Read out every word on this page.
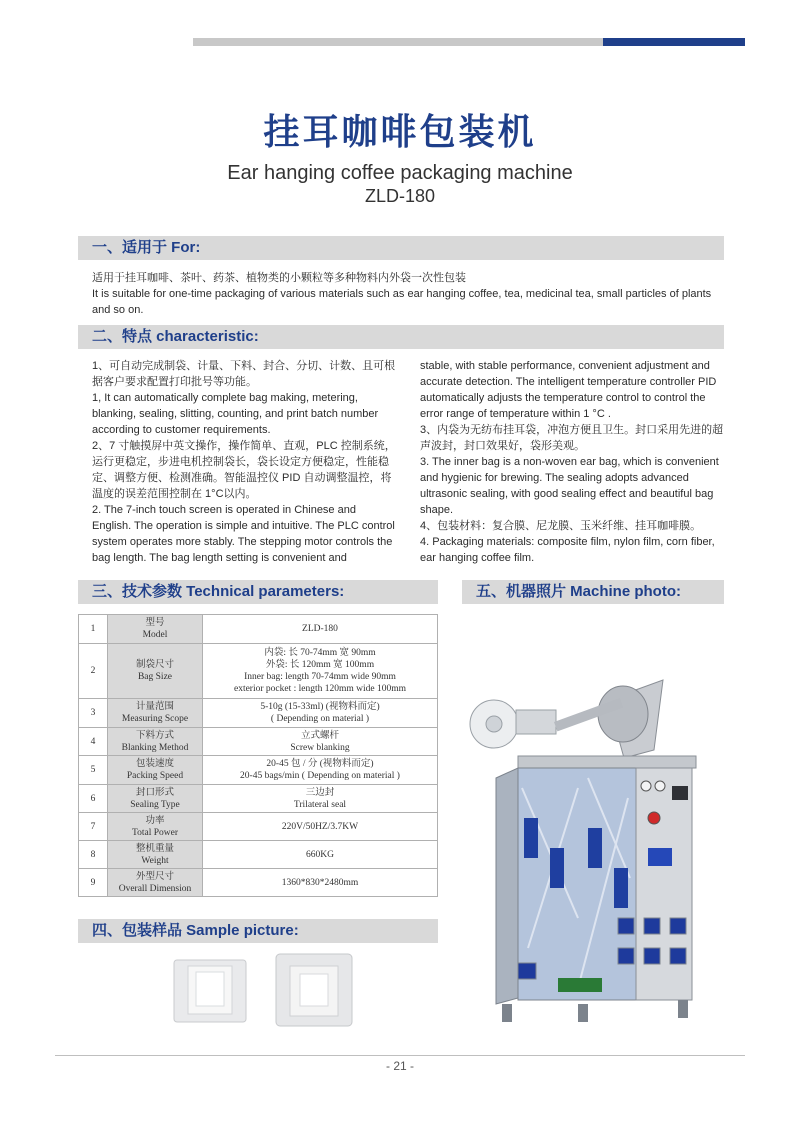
挂耳咖啡包装机
Ear hanging coffee packaging machine
ZLD-180
一、适用于 For:

适用于挂耳咖啡、茶叶、药茶、植物类的小颗粒等多种物料内外袋一次性包装

It is suitable for one-time packaging of various materials such as ear hanging coffee, tea, medicinal tea, small particles of plants and so on.

二、特点 characteristic:

1、可自动完成制袋、计量、下料、封合、分切、计数、且可根据客户要求配置打印批号等功能。

1, It can automatically complete bag making, metering, blanking, sealing, slitting, counting, and print batch number according to customer requirements.

2、7 寸触摸屏中英文操作，操作简单、直观，PLC 控制系统，运行更稳定，步进电机控制袋长，袋长设定方便稳定，性能稳定、调整方便、检测准确。智能温控仪 PID 自动调整温控，将温度的误差范围控制在 1°C以内。

2. The 7-inch touch screen is operated in Chinese and English. The operation is simple and intuitive. The PLC control system operates more stably. The stepping motor controls the bag length. The bag length setting is convenient and

stable, with stable performance, convenient adjustment and accurate detection. The intelligent temperature controller PID automatically adjusts the temperature control to control the error range of temperature within 1 °C .

3、内袋为无纺布挂耳袋，冲泡方便且卫生。封口采用先进的超声波封，封口效果好，袋形美观。

3. The inner bag is a non-woven ear bag, which is convenient and hygienic for brewing. The sealing adopts advanced ultrasonic sealing, with good sealing effect and beautiful bag shape.

4、包装材料：复合膜、尼龙膜、玉米纤维、挂耳咖啡膜。

4. Packaging materials: composite film, nylon film, corn fiber, ear hanging coffee film.

三、技术参数 Technical parameters:
1	型号
Model	ZLD-180

2	制袋尺寸
Bag Size	内袋: 长 70-74mm 宽 90mm
外袋: 长 120mm 宽 100mm
Inner bag: length 70-74mm wide 90mm
exterior pocket : length 120mm wide 100mm

3	计量范围
Measuring Scope	5-10g (15-33ml) (视物料而定)
( Depending on material )

4	下料方式
Blanking Method	立式螺杆
Screw blanking

5	包装速度
Packing Speed	20-45 包 / 分 (视物料而定)
20-45 bags/min ( Depending on material )

6	封口形式
Sealing Type	三边封
Trilateral seal

7	功率
Total Power	220V/50HZ/3.7KW

8	整机重量
Weight	660KG

9	外型尺寸
Overall Dimension	1360*830*2480mm
五、机器照片 Machine photo:
四、包装样品 Sample picture:
- 21 -
